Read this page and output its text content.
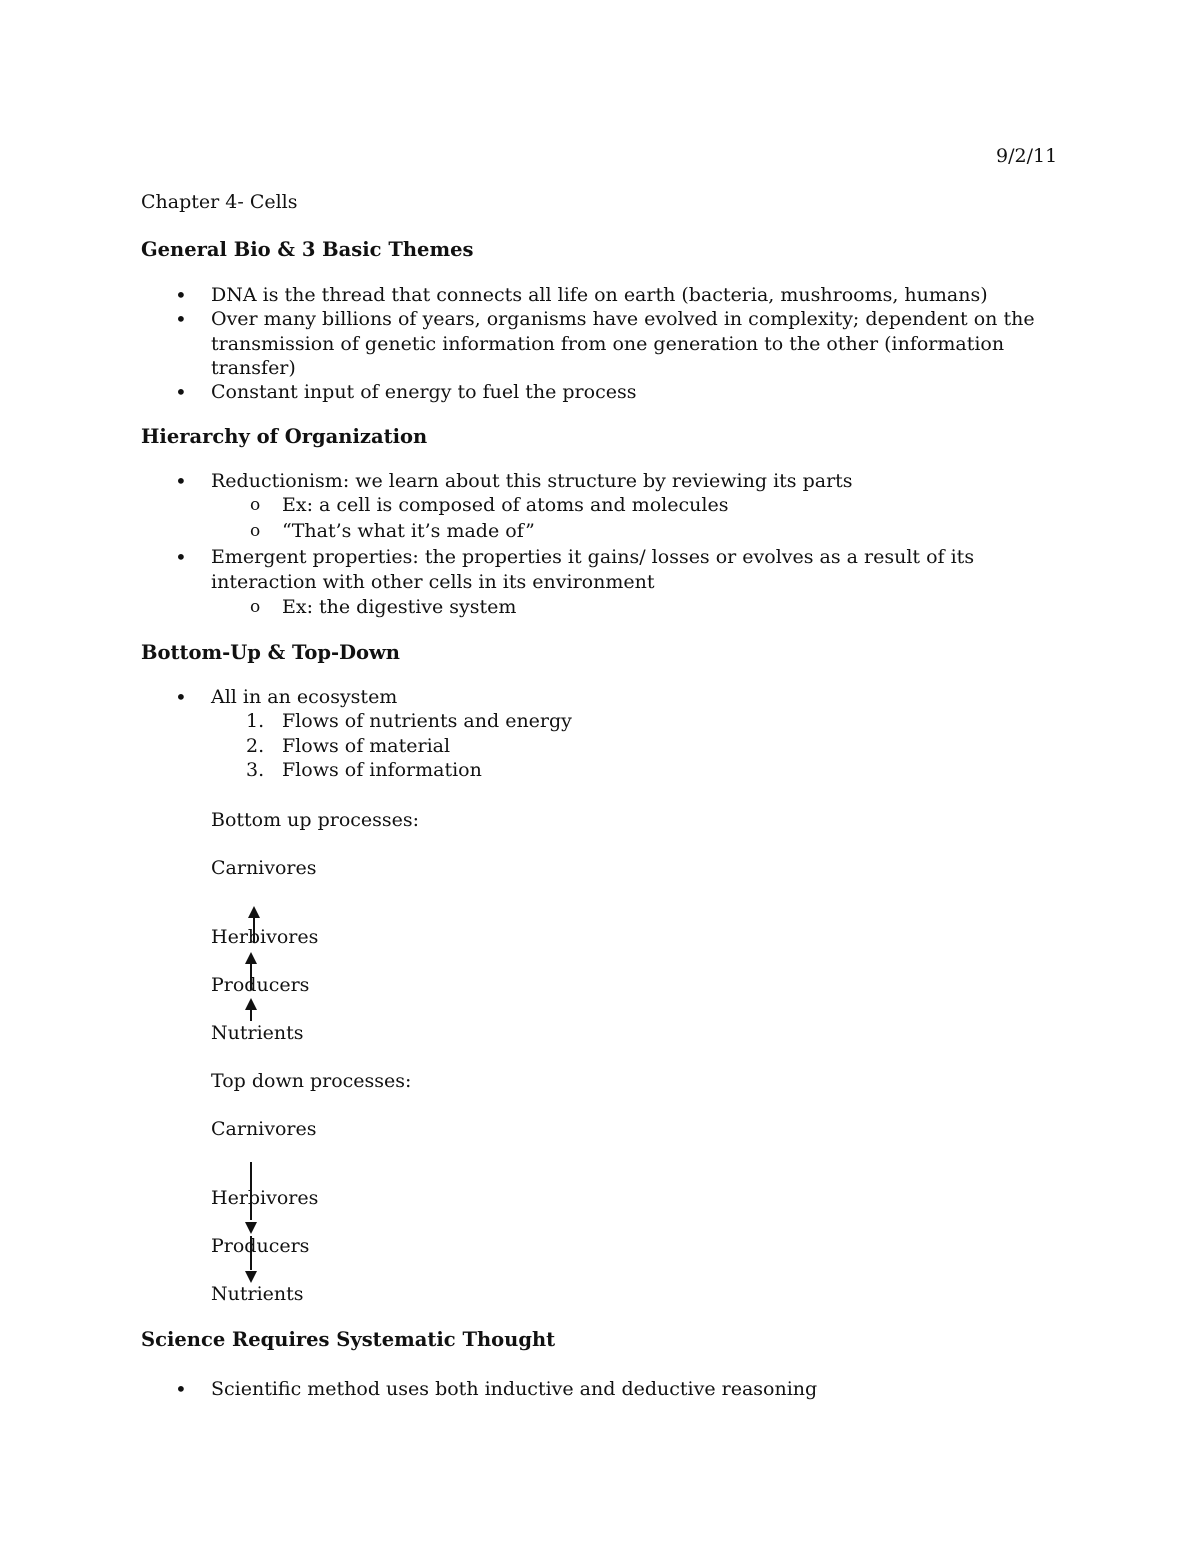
9/2/11
Chapter 4- Cells
General Bio & 3 Basic Themes
• DNA is the thread that connects all life on earth (bacteria, mushrooms, humans)
• Over many billions of years, organisms have evolved in complexity; dependent on the
transmission of genetic information from one generation to the other (information
transfer)
• Constant input of energy to fuel the process
Hierarchy of Organization
• Reductionism: we learn about this structure by reviewing its parts
o Ex: a cell is composed of atoms and molecules
o “That’s what it’s made of”
• Emergent properties: the properties it gains/ losses or evolves as a result of its
interaction with other cells in its environment
o Ex: the digestive system
Bottom-Up & Top-Down
• All in an ecosystem
1. Flows of nutrients and energy
2. Flows of material
3. Flows of information
Bottom up processes:
Carnivores
Herbivores
Producers
Nutrients
Top down processes:
Carnivores
Herbivores
Producers
Nutrients
Science Requires Systematic Thought
• Scientific method uses both inductive and deductive reasoning
